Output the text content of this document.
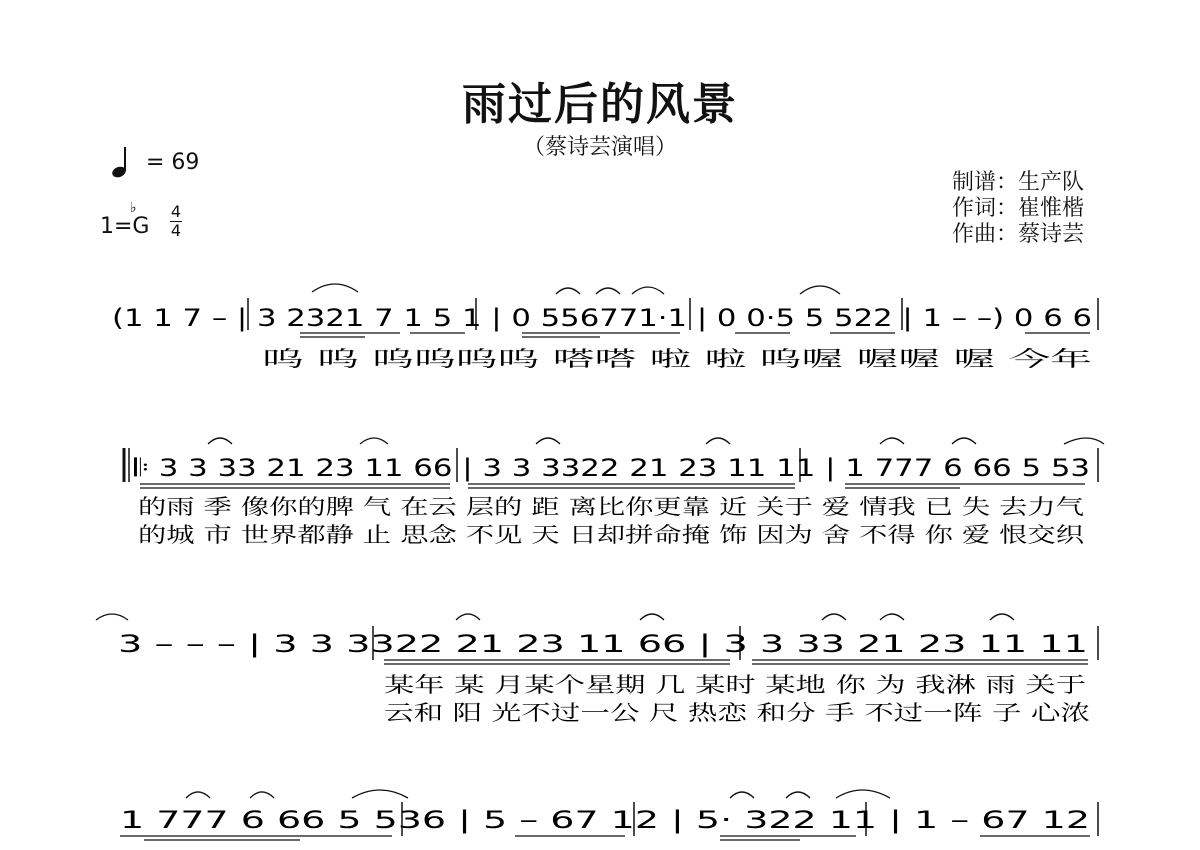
雨过后的风景
（蔡诗芸演唱）
= 69
1=G
♭ 4
4
制谱：生产队
作词：崔惟楷
作曲：蔡诗芸
(1 1 7 – | 3 2321 7 1 5 1 | 0 556771·1 | 0 0·5 5 522 | 1 – –) 0 6 6
呜 呜 呜呜呜呜 嗒嗒 啦 啦 呜喔 喔喔 喔 今年
𝄆 3 3 33 21 23 11 66 | 3 3 3322 21 23 11 11 | 1 777 6 66 5 53
的雨 季 像你的脾 气 在云 层的 距 离比你更靠 近 关于 爱 情我 已 失 去力气
的城 市 世界都静 止 思念 不见 天 日却拼命掩 饰 因为 舍 不得 你 爱 恨交织
3 – – – | 3 3 3322 21 23 11 66 | 3 3 33 21 23 11 11
某年 某 月某个星期 几 某时 某地 你 为 我淋 雨 关于
云和 阳 光不过一公 尺 热恋 和分 手 不过一阵 子 心浓
1 777 6 66 5 536 | 5 – 67 12 | 5· 322 11 | 1 – 67 12
